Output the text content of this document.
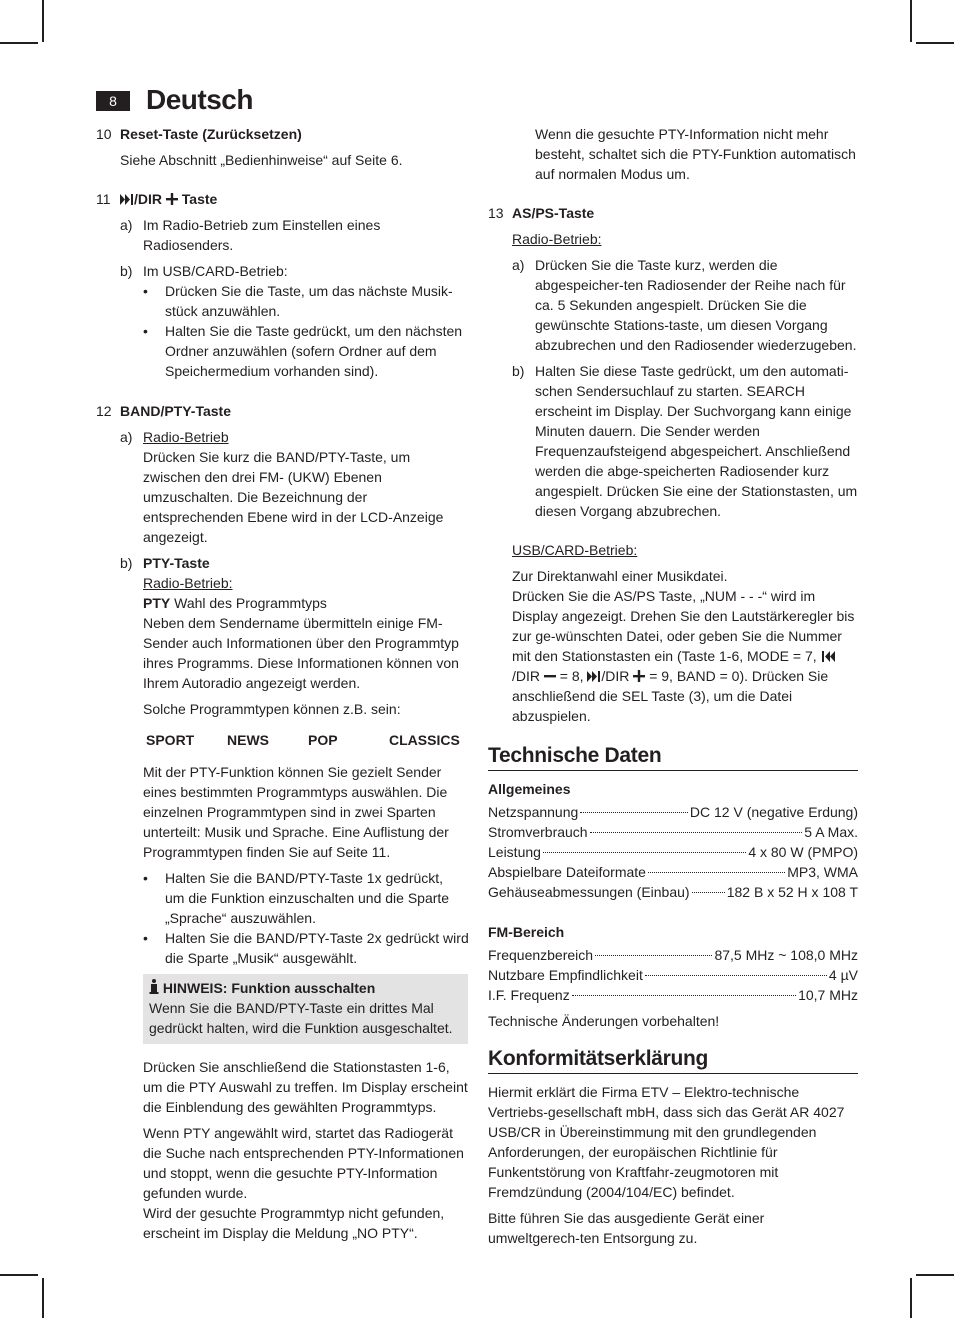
8	Deutsch
10 Reset-Taste (Zurücksetzen)

Siehe Abschnitt „Bedienhinweise“ auf Seite 6.

11	/DIR  Taste

a) Im Radio-Betrieb zum Einstellen eines Radiosenders.

b) Im USB/CARD-Betrieb:

• Drücken Sie die Taste, um das nächste Musik-stück anzuwählen.

• Halten Sie die Taste gedrückt, um den nächsten Ordner anzuwählen (sofern Ordner auf dem Speichermedium vorhanden sind).

12 BAND/PTY-Taste

a) Radio-Betrieb

Drücken Sie kurz die BAND/PTY-Taste, um zwischen den drei FM- (UKW) Ebenen umzuschalten. Die Bezeichnung der entsprechenden Ebene wird in der LCD-Anzeige angezeigt.

b) PTY-Taste

Radio-Betrieb:

PTY Wahl des Programmtyps

Neben dem Sendername übermitteln einige FM-Sender auch Informationen über den Programmtyp ihres Programms. Diese Informationen können von Ihrem Autoradio angezeigt werden.

Solche Programmtypen können z.B. sein:

SPORT	NEWS	POP	CLASSICS

Mit der PTY-Funktion können Sie gezielt Sender eines bestimmten Programmtyps auswählen. Die einzelnen Programmtypen sind in zwei Sparten unterteilt: Musik und Sprache. Eine Auflistung der Programmtypen finden Sie auf Seite 11.

• Halten Sie die BAND/PTY-Taste 1x gedrückt, um die Funktion einzuschalten und die Sparte „Sprache“ auszuwählen.

• Halten Sie die BAND/PTY-Taste 2x gedrückt wird die Sparte „Musik“ ausgewählt.

HINWEIS: Funktion ausschalten

Wenn Sie die BAND/PTY-Taste ein drittes Mal gedrückt halten, wird die Funktion ausgeschaltet.

Drücken Sie anschließend die Stationstasten 1-6, um die PTY Auswahl zu treffen. Im Display erscheint die Einblendung des gewählten Programmtyps.

Wenn PTY angewählt wird, startet das Radiogerät die Suche nach entsprechenden PTY-Informationen und stoppt, wenn die gesuchte PTY-Information gefunden wurde.

Wird der gesuchte Programmtyp nicht gefunden, erscheint im Display die Meldung „NO PTY“.

Wenn die gesuchte PTY-Information nicht mehr besteht, schaltet sich die PTY-Funktion automatisch auf normalen Modus um.

13 AS/PS-Taste

Radio-Betrieb:

a) Drücken Sie die Taste kurz, werden die abgespeicher-ten Radiosender der Reihe nach für ca. 5 Sekunden angespielt. Drücken Sie die gewünschte Stations-taste, um diesen Vorgang abzubrechen und den Radiosender wiederzugeben.

b) Halten Sie diese Taste gedrückt, um den automati-schen Sendersuchlauf zu starten. SEARCH erscheint im Display. Der Suchvorgang kann einige Minuten dauern. Die Sender werden Frequenzaufsteigend abgespeichert. Anschließend werden die abge-speicherten Radiosender kurz angespielt. Drücken Sie eine der Stationstasten, um diesen Vorgang abzubrechen.

USB/CARD-Betrieb:

Zur Direktanwahl einer Musikdatei.

Drücken Sie die AS/PS Taste, „NUM - - -“ wird im Display angezeigt. Drehen Sie den Lautstärkeregler bis zur ge-wünschten Datei, oder geben Sie die Nummer mit den Stationstasten ein (Taste 1-6, MODE = 7, /DIR  = 8, /DIR  = 9, BAND = 0). Drücken Sie anschließend die SEL Taste (3), um die Datei abzuspielen.

Technische Daten

Allgemeines

Netzspannung	DC 12 V (negative Erdung)
Stromverbrauch	5 A Max.
Leistung	4 x 80 W (PMPO)
Abspielbare Dateiformate	MP3, WMA
Gehäuseabmessungen (Einbau)	182 B x 52 H x 108 T

FM-Bereich

Frequenzbereich	87,5 MHz ~ 108,0 MHz
Nutzbare Empfindlichkeit	4 µV
I.F. Frequenz	10,7 MHz

Technische Änderungen vorbehalten!

Konformitätserklärung

Hiermit erklärt die Firma ETV – Elektro-technische Vertriebs-gesellschaft mbH, dass sich das Gerät AR 4027 USB/CR in Übereinstimmung mit den grundlegenden Anforderungen, der europäischen Richtlinie für Funkentstörung von Kraftfahr-zeugmotoren mit Fremdzündung (2004/104/EC) befindet.

Bitte führen Sie das ausgediente Gerät einer umweltgerech-ten Entsorgung zu.
